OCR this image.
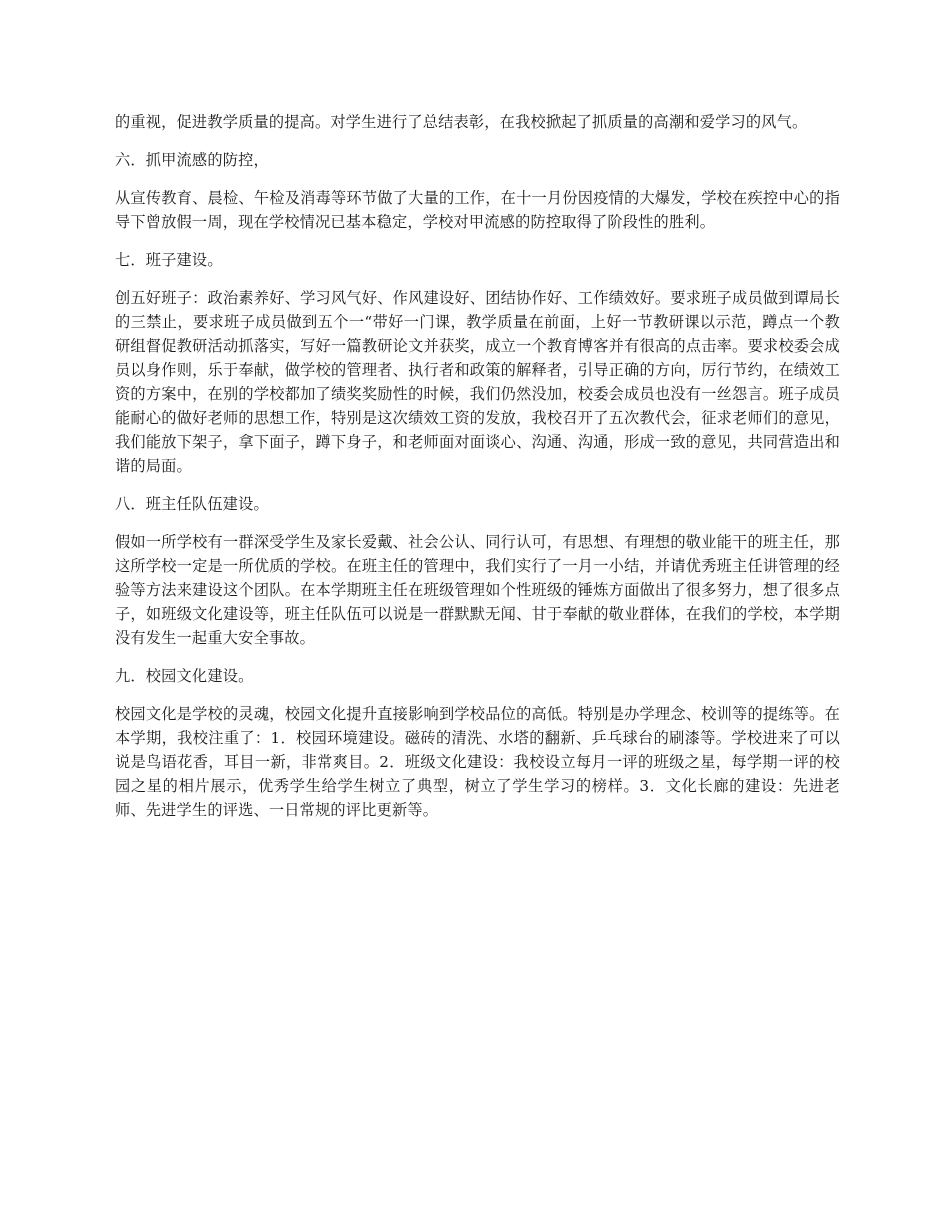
的重视，促进教学质量的提高。对学生进行了总结表彰，在我校掀起了抓质量的高潮和爱学习的风气。

六．抓甲流感的防控，

从宣传教育、晨检、午检及消毒等环节做了大量的工作，在十一月份因疫情的大爆发，学校在疾控中心的指导下曾放假一周，现在学校情况已基本稳定，学校对甲流感的防控取得了阶段性的胜利。

七．班子建设。

创五好班子：政治素养好、学习风气好、作风建设好、团结协作好、工作绩效好。要求班子成员做到谭局长的三禁止，要求班子成员做到五个一“带好一门课，教学质量在前面，上好一节教研课以示范，蹲点一个教研组督促教研活动抓落实，写好一篇教研论文并获奖，成立一个教育博客并有很高的点击率。要求校委会成员以身作则，乐于奉献，做学校的管理者、执行者和政策的解释者，引导正确的方向，厉行节约，在绩效工资的方案中，在别的学校都加了绩奖奖励性的时候，我们仍然没加，校委会成员也没有一丝怨言。班子成员能耐心的做好老师的思想工作，特别是这次绩效工资的发放，我校召开了五次教代会，征求老师们的意见，我们能放下架子，拿下面子，蹲下身子，和老师面对面谈心、沟通、沟通，形成一致的意见，共同营造出和谐的局面。

八．班主任队伍建设。

假如一所学校有一群深受学生及家长爱戴、社会公认、同行认可，有思想、有理想的敬业能干的班主任，那这所学校一定是一所优质的学校。在班主任的管理中，我们实行了一月一小结，并请优秀班主任讲管理的经验等方法来建设这个团队。在本学期班主任在班级管理如个性班级的锤炼方面做出了很多努力，想了很多点子，如班级文化建设等，班主任队伍可以说是一群默默无闻、甘于奉献的敬业群体，在我们的学校，本学期没有发生一起重大安全事故。

九．校园文化建设。

校园文化是学校的灵魂，校园文化提升直接影响到学校品位的高低。特别是办学理念、校训等的提练等。在本学期，我校注重了：1．校园环境建设。磁砖的清洗、水塔的翻新、乒乓球台的刷漆等。学校进来了可以说是鸟语花香，耳目一新，非常爽目。2．班级文化建设：我校设立每月一评的班级之星，每学期一评的校园之星的相片展示，优秀学生给学生树立了典型，树立了学生学习的榜样。3．文化长廊的建设：先进老师、先进学生的评选、一日常规的评比更新等。
